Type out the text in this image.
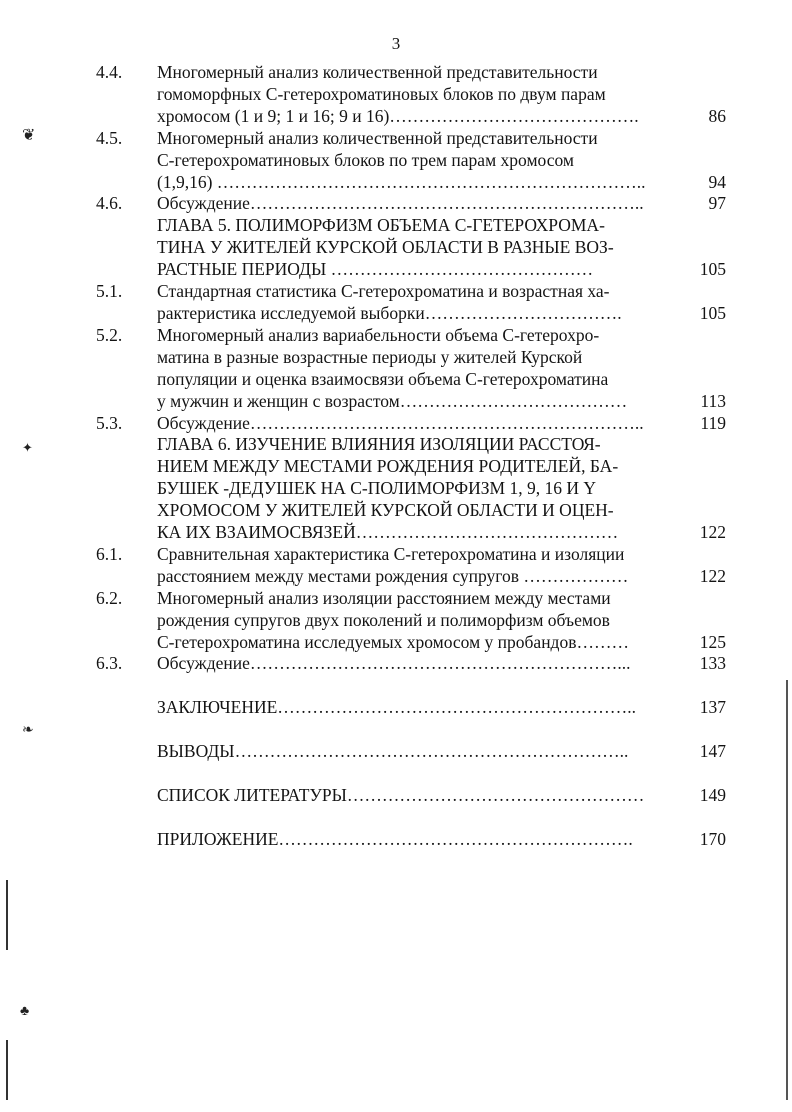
3
4.4.	Многомерный анализ количественной представительности
гомоморфных С-гетерохроматиновых блоков по двум парам
хромосом (1 и 9; 1 и 16; 9 и 16)…………………………………….	86
4.5.	Многомерный анализ количественной представительности
С-гетерохроматиновых блоков по трем парам хромосом
(1,9,16) ………………………………………………………………..	94
4.6.	Обсуждение…………………………………………………………..	97
ГЛАВА 5. ПОЛИМОРФИЗМ ОБЪЕМА С-ГЕТЕРОХРОМА-
ТИНА У ЖИТЕЛЕЙ КУРСКОЙ ОБЛАСТИ В РАЗНЫЕ ВОЗ-
РАСТНЫЕ ПЕРИОДЫ ………………………………………	105
5.1.	Стандартная статистика С-гетерохроматина и возрастная ха-
рактеристика исследуемой выборки…………………………….	105
5.2.	Многомерный анализ вариабельности объема С-гетерохро-
матина в разные возрастные периоды у жителей Курской
популяции и оценка взаимосвязи объема С-гетерохроматина
у мужчин и женщин с возрастом…………………………………	113
5.3.	Обсуждение…………………………………………………………..	119
ГЛАВА 6. ИЗУЧЕНИЕ ВЛИЯНИЯ ИЗОЛЯЦИИ РАССТОЯ-
НИЕМ МЕЖДУ МЕСТАМИ РОЖДЕНИЯ РОДИТЕЛЕЙ, БА-
БУШЕК -ДЕДУШЕК НА С-ПОЛИМОРФИЗМ 1, 9, 16 И Y
ХРОМОСОМ У ЖИТЕЛЕЙ КУРСКОЙ ОБЛАСТИ И ОЦЕН-
КА ИХ ВЗАИМОСВЯЗЕЙ………………………………………	122
6.1.	Сравнительная характеристика С-гетерохроматина и изоляции
расстоянием между местами рождения супругов ………………	122
6.2.	Многомерный анализ изоляции расстоянием между местами
рождения супругов двух поколений и полиморфизм объемов
С-гетерохроматина исследуемых хромосом у пробандов………	125
6.3.	Обсуждение………………………………………………………...	133
ЗАКЛЮЧЕНИЕ……………………………………………………..	137
ВЫВОДЫ…………………………………………………………..	147
СПИСОК ЛИТЕРАТУРЫ……………………………………………	149
ПРИЛОЖЕНИЕ…………………………………………………….	170
❦
✦
❧
♣
